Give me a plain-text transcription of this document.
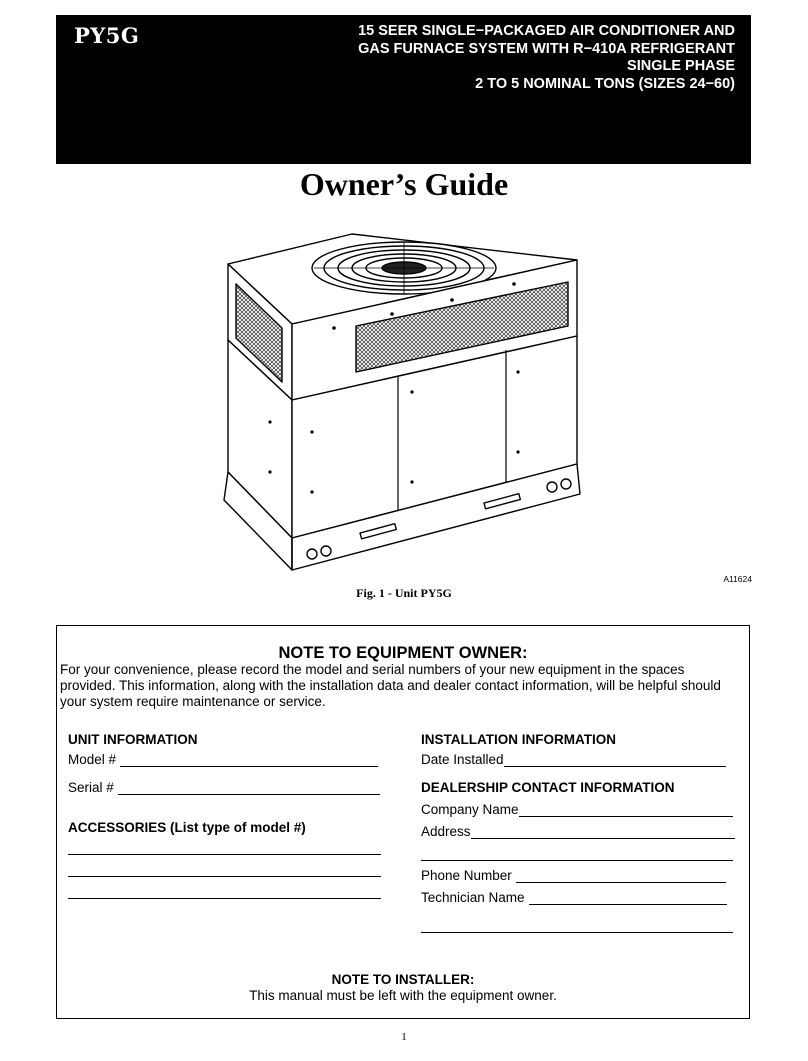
PY5G	15 SEER SINGLE−PACKAGED AIR CONDITIONER AND
GAS FURNACE SYSTEM WITH R−410A REFRIGERANT
SINGLE PHASE
2 TO 5 NOMINAL TONS (SIZES 24−60)
Owner’s Guide
A11624
Fig. 1 - Unit PY5G
NOTE TO EQUIPMENT OWNER:
For your convenience, please record the model and serial numbers of your new equipment in the spaces provided. This information, along with the installation data and dealer contact information, will be helpful should your system require maintenance or service.
UNIT INFORMATION
Model #
Serial #
ACCESSORIES (List type of model #)
INSTALLATION INFORMATION
Date Installed
DEALERSHIP CONTACT INFORMATION
Company Name
Address
Phone Number
Technician Name
NOTE TO INSTALLER:
This manual must be left with the equipment owner.
1
